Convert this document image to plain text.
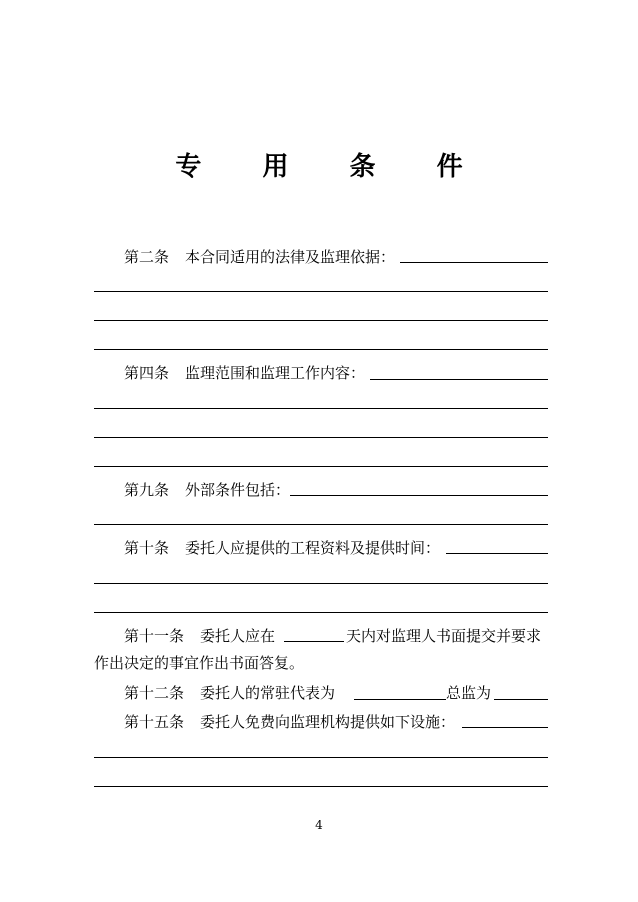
专 用 条 件
第二条 本合同适用的法律及监理依据：
第四条 监理范围和监理工作内容：
第九条 外部条件包括：
第十条 委托人应提供的工程资料及提供时间：
第十一条 委托人应在	天内对监理人书面提交并要求
作出决定的事宜作出书面答复。
第十二条 委托人的常驻代表为	总监为
第十五条 委托人免费向监理机构提供如下设施：
4
